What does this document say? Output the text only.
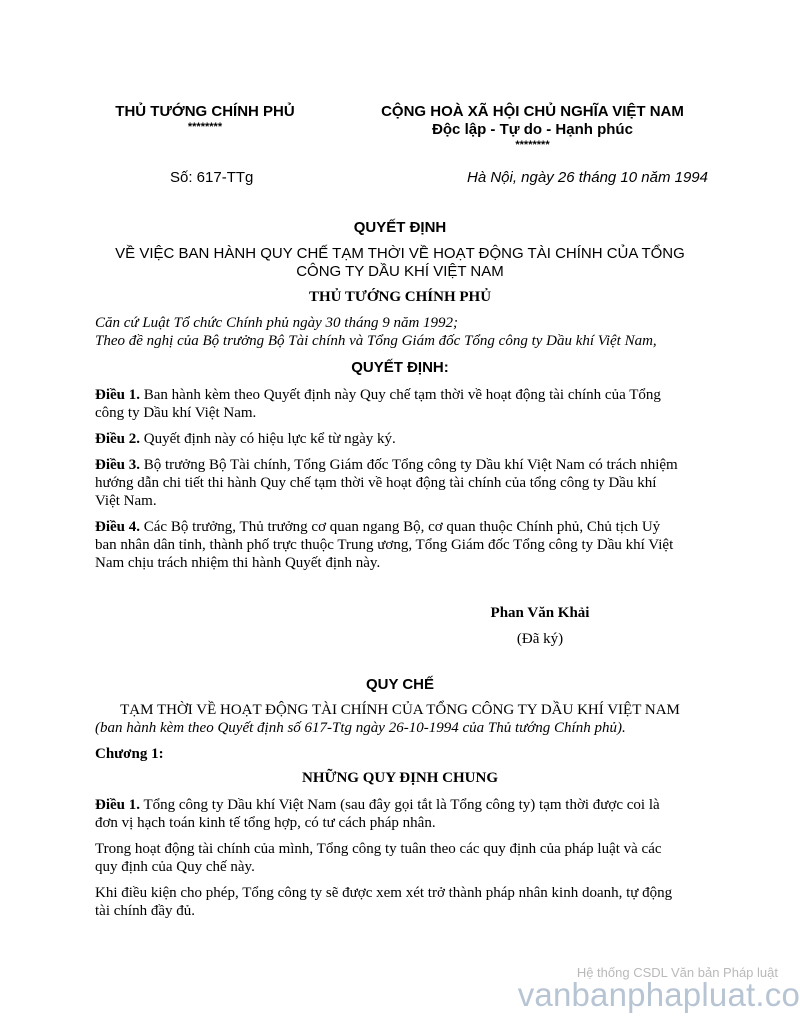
THỦ TƯỚNG CHÍNH PHỦ
********
CỘNG HOÀ XÃ HỘI CHỦ NGHĨA VIỆT NAM
Độc lập - Tự do - Hạnh phúc
********
Số: 617-TTg	Hà Nội, ngày 26 tháng 10 năm 1994
QUYẾT ĐỊNH
VỀ VIỆC BAN HÀNH QUY CHẾ TẠM THỜI VỀ HOẠT ĐỘNG TÀI CHÍNH CỦA TỔNG
CÔNG TY DẦU KHÍ VIỆT NAM
THỦ TƯỚNG CHÍNH PHỦ
Căn cứ Luật Tổ chức Chính phủ ngày 30 tháng 9 năm 1992;
Theo đề nghị của Bộ trưởng Bộ Tài chính và Tổng Giám đốc Tổng công ty Dầu khí Việt Nam,
QUYẾT ĐỊNH:
Điều 1. Ban hành kèm theo Quyết định này Quy chế tạm thời về hoạt động tài chính của Tổng
công ty Dầu khí Việt Nam.
Điều 2. Quyết định này có hiệu lực kể từ ngày ký.
Điều 3. Bộ trưởng Bộ Tài chính, Tổng Giám đốc Tổng công ty Dầu khí Việt Nam có trách nhiệm
hướng dẫn chi tiết thi hành Quy chế tạm thời về hoạt động tài chính của tổng công ty Dầu khí
Việt Nam.
Điều 4. Các Bộ trưởng, Thủ trưởng cơ quan ngang Bộ, cơ quan thuộc Chính phủ, Chủ tịch Uỷ
ban nhân dân tỉnh, thành phố trực thuộc Trung ương, Tổng Giám đốc Tổng công ty Dầu khí Việt
Nam chịu trách nhiệm thi hành Quyết định này.
Phan Văn Khải
(Đã ký)
QUY CHẾ
TẠM THỜI VỀ HOẠT ĐỘNG TÀI CHÍNH CỦA TỔNG CÔNG TY DẦU KHÍ VIỆT NAM
(ban hành kèm theo Quyết định số 617-Ttg ngày 26-10-1994 của Thủ tướng Chính phủ).
Chương 1:
NHỮNG QUY ĐỊNH CHUNG
Điều 1. Tổng công ty Dầu khí Việt Nam (sau đây gọi tắt là Tổng công ty) tạm thời được coi là
đơn vị hạch toán kinh tế tổng hợp, có tư cách pháp nhân.
Trong hoạt động tài chính của mình, Tổng công ty tuân theo các quy định của pháp luật và các
quy định của Quy chế này.
Khi điều kiện cho phép, Tổng công ty sẽ được xem xét trở thành pháp nhân kinh doanh, tự động
tài chính đầy đủ.
Hệ thống CSDL Văn bản Pháp luật
vanbanphapluat.co
